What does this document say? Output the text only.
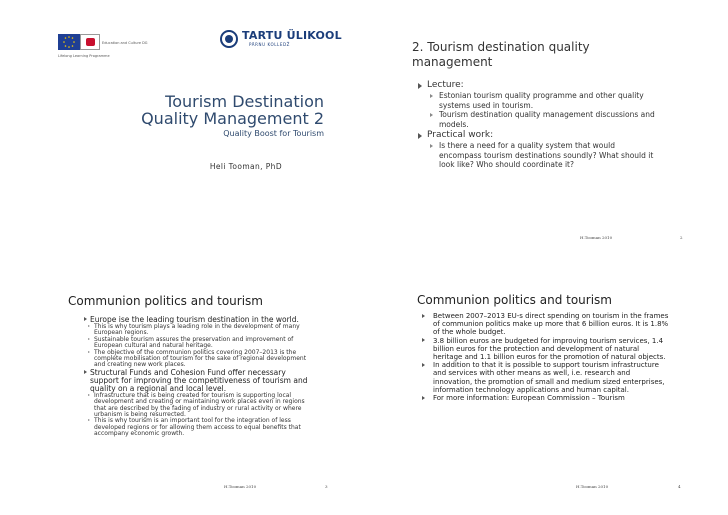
Education and Culture DG
Lifelong Learning Programme
TARTU ÜLIKOOL
PÄRNU KOLLEDŽ
Tourism Destination
Quality Management 2
Quality Boost for Tourism
Heli Tooman, PhD
2. Tourism destination quality management
Lecture:
Estonian tourism quality programme and other quality systems used in tourism.
Tourism destination quality management discussions and models.
Practical work:
Is there a need for a quality system that would encompass tourism destinations soundly? What should it look like? Who should coordinate it?
H.Tooman 2010	2
Communion politics and tourism
Europe ise the leading tourism destination in the world.
This is why tourism plays a leading role in the development of many European regions.
Sustainable tourism assures the preservation and improvement of European cultural and natural heritage.
The objective of the communion politics covering 2007–2013 is the complete mobilisation of tourism for the sake of regional development and creating new work places.
Structural Funds and Cohesion Fund offer necessary support for improving the competitiveness of tourism and quality on a regional and local level.
Infrastructure that is being created for tourism is supporting local development and creating or maintaining work places even in regions that are described by the fading of industry or rural activity or where urbanism is being resurrected.
This is why tourism is an important tool for the integration of less developed regions or for allowing them access to equal benefits that accompany economic growth.
H.Tooman 2010	3
Communion politics and tourism
Between 2007–2013 EU-s direct spending on tourism in the frames of communion politics make up more that 6 billion euros. It is 1.8% of the whole budget.
3.8 billion euros are budgeted for improving tourism services, 1.4 billion euros for the protection and development of natural heritage and 1.1 billion euros for the promotion of natural objects.
In addition to that it is possible to support tourism infrastructure and services with other means as well, i.e. research and innovation, the promotion of small and medium sized enterprises, information technology applications and human capital.
For more information: European Commission – Tourism
H.Tooman 2010	4
